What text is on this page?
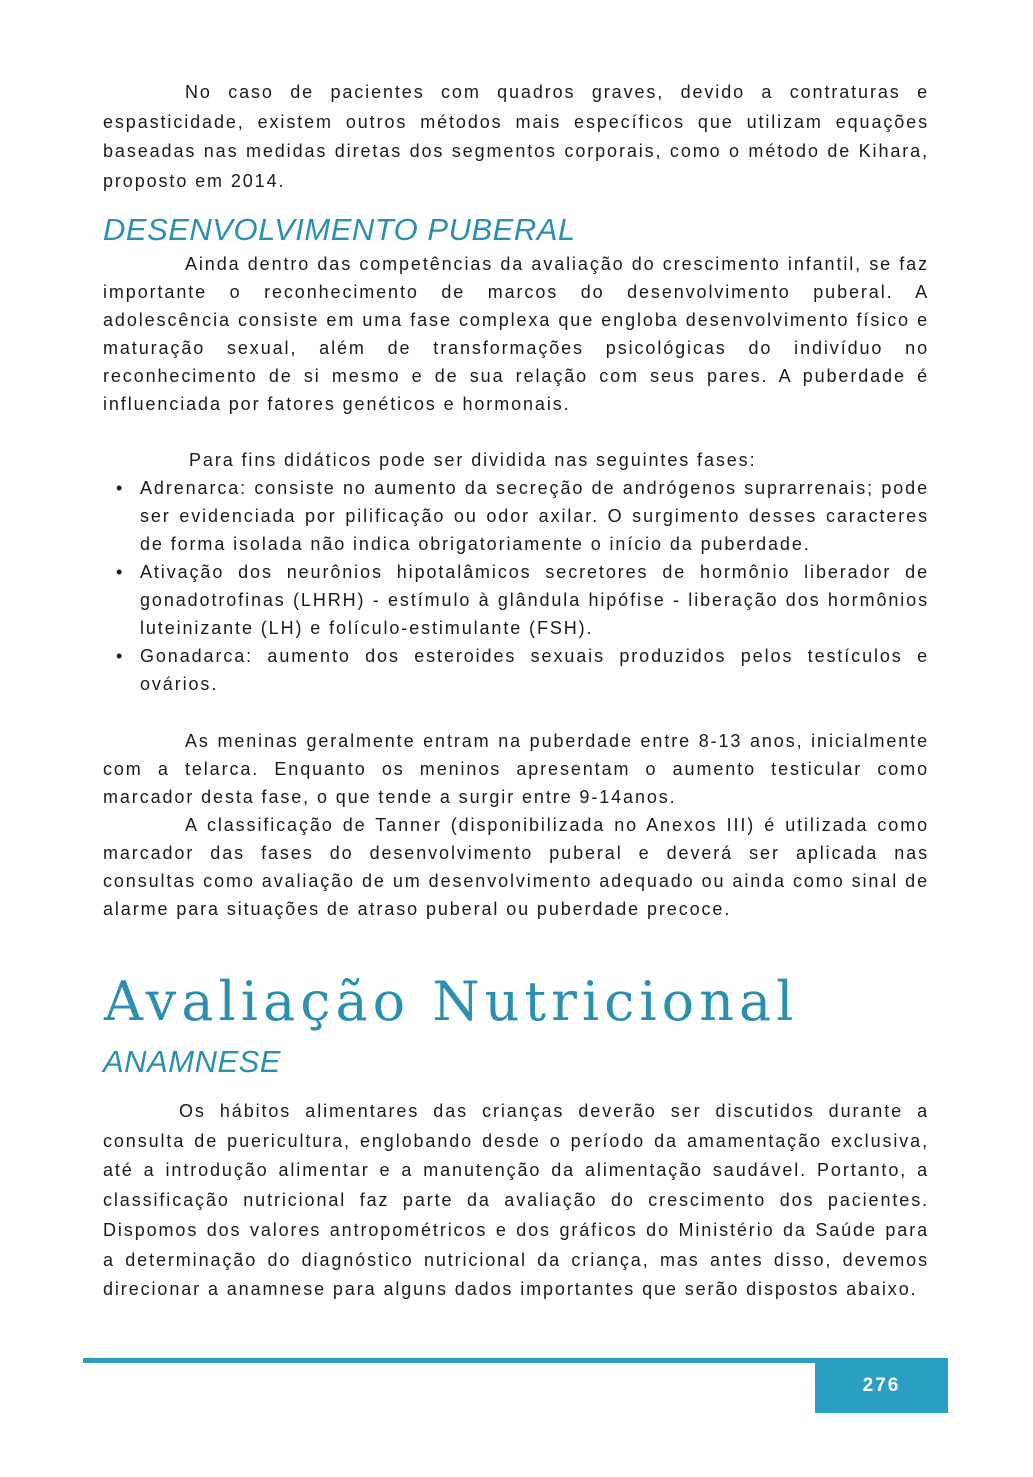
No caso de pacientes com quadros graves, devido a contraturas e espasticidade, existem outros métodos mais específicos que utilizam equações baseadas nas medidas diretas dos segmentos corporais, como o método de Kihara, proposto em 2014.

DESENVOLVIMENTO PUBERAL

Ainda dentro das competências da avaliação do crescimento infantil, se faz importante o reconhecimento de marcos do desenvolvimento puberal. A adolescência consiste em uma fase complexa que engloba desenvolvimento físico e maturação sexual, além de transformações psicológicas do indivíduo no reconhecimento de si mesmo e de sua relação com seus pares. A puberdade é influenciada por fatores genéticos e hormonais.

Para fins didáticos pode ser dividida nas seguintes fases:

• Adrenarca: consiste no aumento da secreção de andrógenos suprarrenais; pode ser evidenciada por pilificação ou odor axilar. O surgimento desses caracteres de forma isolada não indica obrigatoriamente o início da puberdade.
• Ativação dos neurônios hipotalâmicos secretores de hormônio liberador de gonadotrofinas (LHRH) - estímulo à glândula hipófise - liberação dos hormônios luteinizante (LH) e folículo-estimulante (FSH).
• Gonadarca: aumento dos esteroides sexuais produzidos pelos testículos e ovários.

As meninas geralmente entram na puberdade entre 8-13 anos, inicialmente com a telarca. Enquanto os meninos apresentam o aumento testicular como marcador desta fase, o que tende a surgir entre 9-14anos.

A classificação de Tanner (disponibilizada no Anexos III) é utilizada como marcador das fases do desenvolvimento puberal e deverá ser aplicada nas consultas como avaliação de um desenvolvimento adequado ou ainda como sinal de alarme para situações de atraso puberal ou puberdade precoce.

Avaliação Nutricional
ANAMNESE

Os hábitos alimentares das crianças deverão ser discutidos durante a consulta de puericultura, englobando desde o período da amamentação exclusiva, até a introdução alimentar e a manutenção da alimentação saudável. Portanto, a classificação nutricional faz parte da avaliação do crescimento dos pacientes. Dispomos dos valores antropométricos e dos gráficos do Ministério da Saúde para a determinação do diagnóstico nutricional da criança, mas antes disso, devemos direcionar a anamnese para alguns dados importantes que serão dispostos abaixo.

276
